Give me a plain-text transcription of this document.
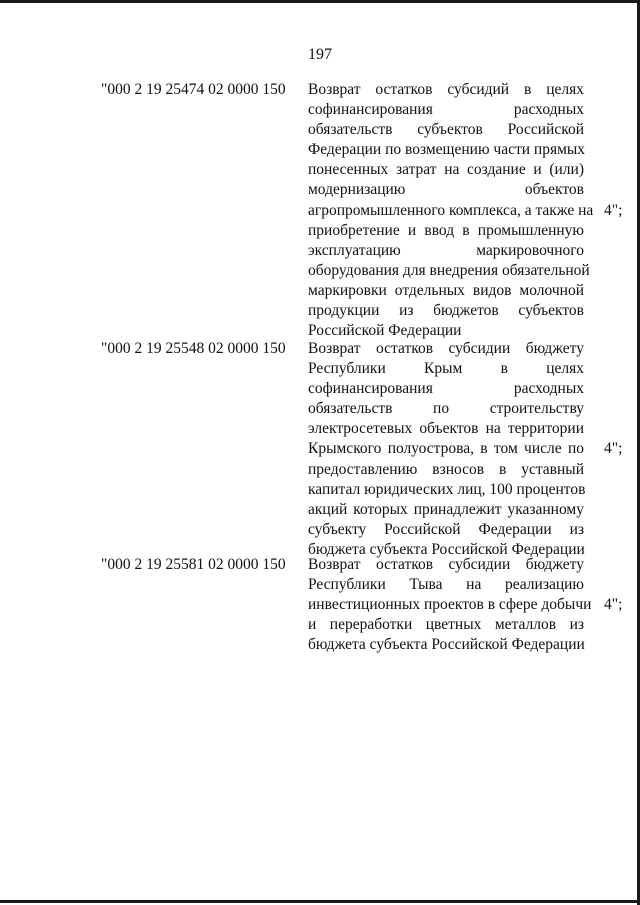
197
"000 2 19 25474 02 0000 150 Возврат остатков субсидий в целях
софинансирования расходных
обязательств субъектов Российской
Федерации по возмещению части прямых
понесенных затрат на создание и (или)
модернизацию объектов
агропромышленного комплекса, а также на
приобретение и ввод в промышленную
эксплуатацию маркировочного
оборудования для внедрения обязательной
маркировки отдельных видов молочной
продукции из бюджетов субъектов
Российской Федерации
4";
"000 2 19 25548 02 0000 150 Возврат остатков субсидии бюджету
Республики Крым в целях
софинансирования расходных
обязательств по строительству
электросетевых объектов на территории
Крымского полуострова, в том числе по
предоставлению взносов в уставный
капитал юридических лиц, 100 процентов
акций которых принадлежит указанному
субъекту Российской Федерации из
бюджета субъекта Российской Федерации
4";
"000 2 19 25581 02 0000 150 Возврат остатков субсидии бюджету
Республики Тыва на реализацию
инвестиционных проектов в сфере добычи
и переработки цветных металлов из
бюджета субъекта Российской Федерации
4";
